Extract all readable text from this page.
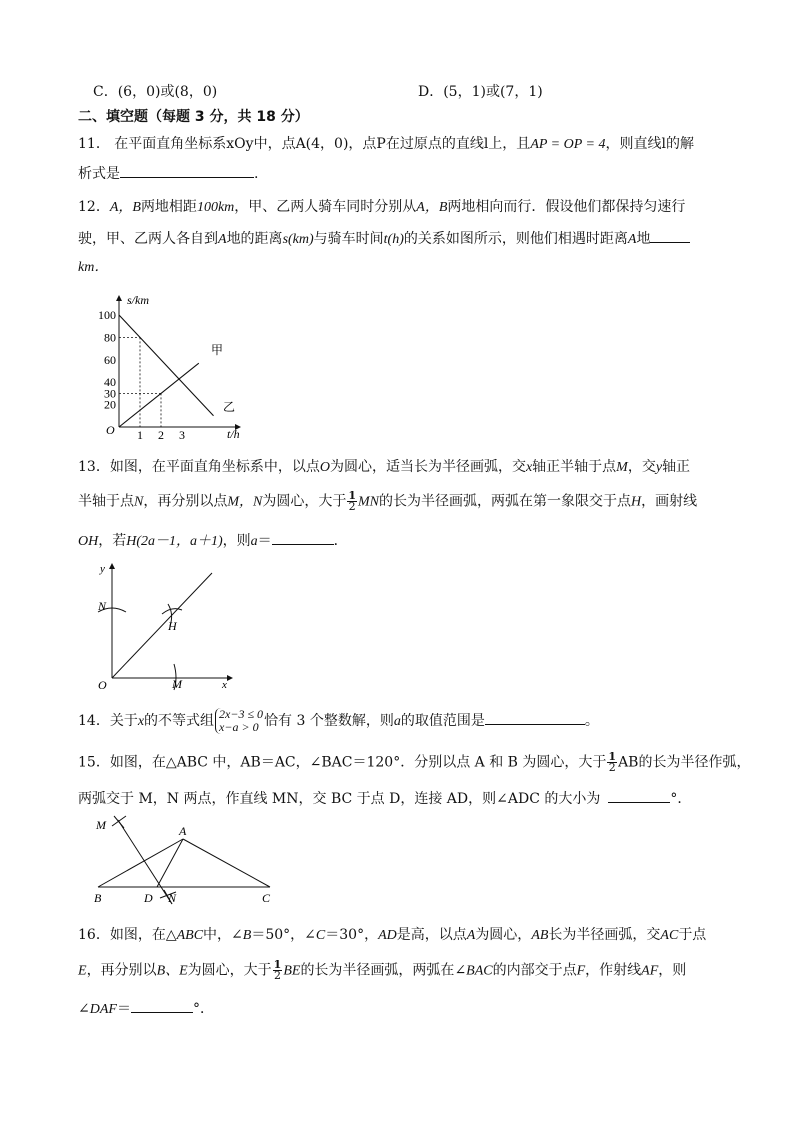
C．(6，0)或(8，0)	D．(5，1)或(7，1)
二、填空题（每题 3 分，共 18 分）
11． 在平面直角坐标系xOy中，点A(4，0)，点P在过原点的直线l上，且AP = OP = 4，则直线l的解
析式是	.
12．A，B两地相距100km，甲、乙两人骑车同时分别从A，B两地相向而行．假设他们都保持匀速行
驶，甲、乙两人各自到A地的距离s(km)与骑车时间t(h)的关系如图所示，则他们相遇时距离A地
km．
s/km
t/h
O
100
80
60
40
30
20
1 2 3
甲
乙
13．如图，在平面直角坐标系中，以点O为圆心，适当长为半径画弧，交x轴正半轴于点M，交y轴正
半轴于点N，再分别以点M，N为圆心，大于 $\frac{1}{2}$ MN的长为半径画弧，两弧在第一象限交于点H，画射线
OH，若H(2a－1，a＋1)，则a＝	．
y
x
O
N
H
M
14．关于x的不等式组 2x−3 ≤ 0
x−a > 0 恰有 3 个整数解，则a的取值范围是	。
15．如图，在△ABC 中，AB＝AC，∠BAC＝120°．分别以点 A 和 B 为圆心，大于 $\frac{1}{2}$ AB的长为半径作弧，
两弧交于 M，N 两点，作直线 MN，交 BC 于点 D，连接 AD，则∠ADC 的大小为	°．
M	A
B	D N	C
16．如图，在△ABC中，∠B＝50°，∠C＝30°，AD是高，以点A为圆心，AB长为半径画弧，交AC于点
E，再分别以B、E为圆心，大于 $\frac{1}{2}$ BE的长为半径画弧，两弧在∠BAC的内部交于点F，作射线AF，则
∠DAF＝	°．
